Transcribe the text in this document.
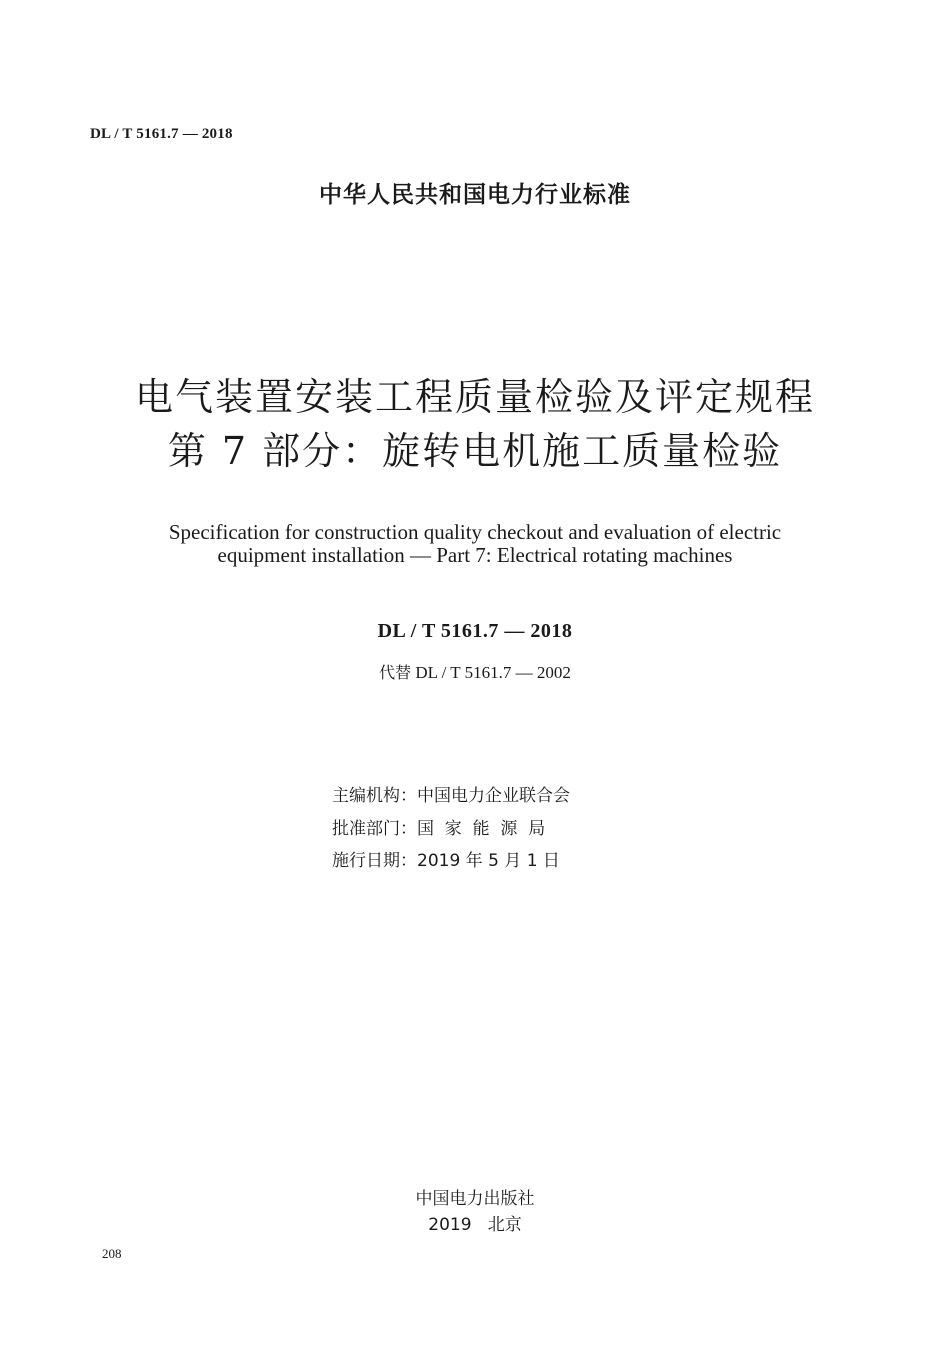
DL / T 5161.7 — 2018
中华人民共和国电力行业标准
电气装置安装工程质量检验及评定规程
第 7 部分：旋转电机施工质量检验
Specification for construction quality checkout and evaluation of electric
equipment installation — Part 7: Electrical rotating machines
DL / T 5161.7 — 2018
代替 DL / T 5161.7 — 2002
主编机构：中国电力企业联合会
批准部门：国  家  能  源  局
施行日期：2019 年 5 月 1 日
中国电力出版社
2019   北京
208
